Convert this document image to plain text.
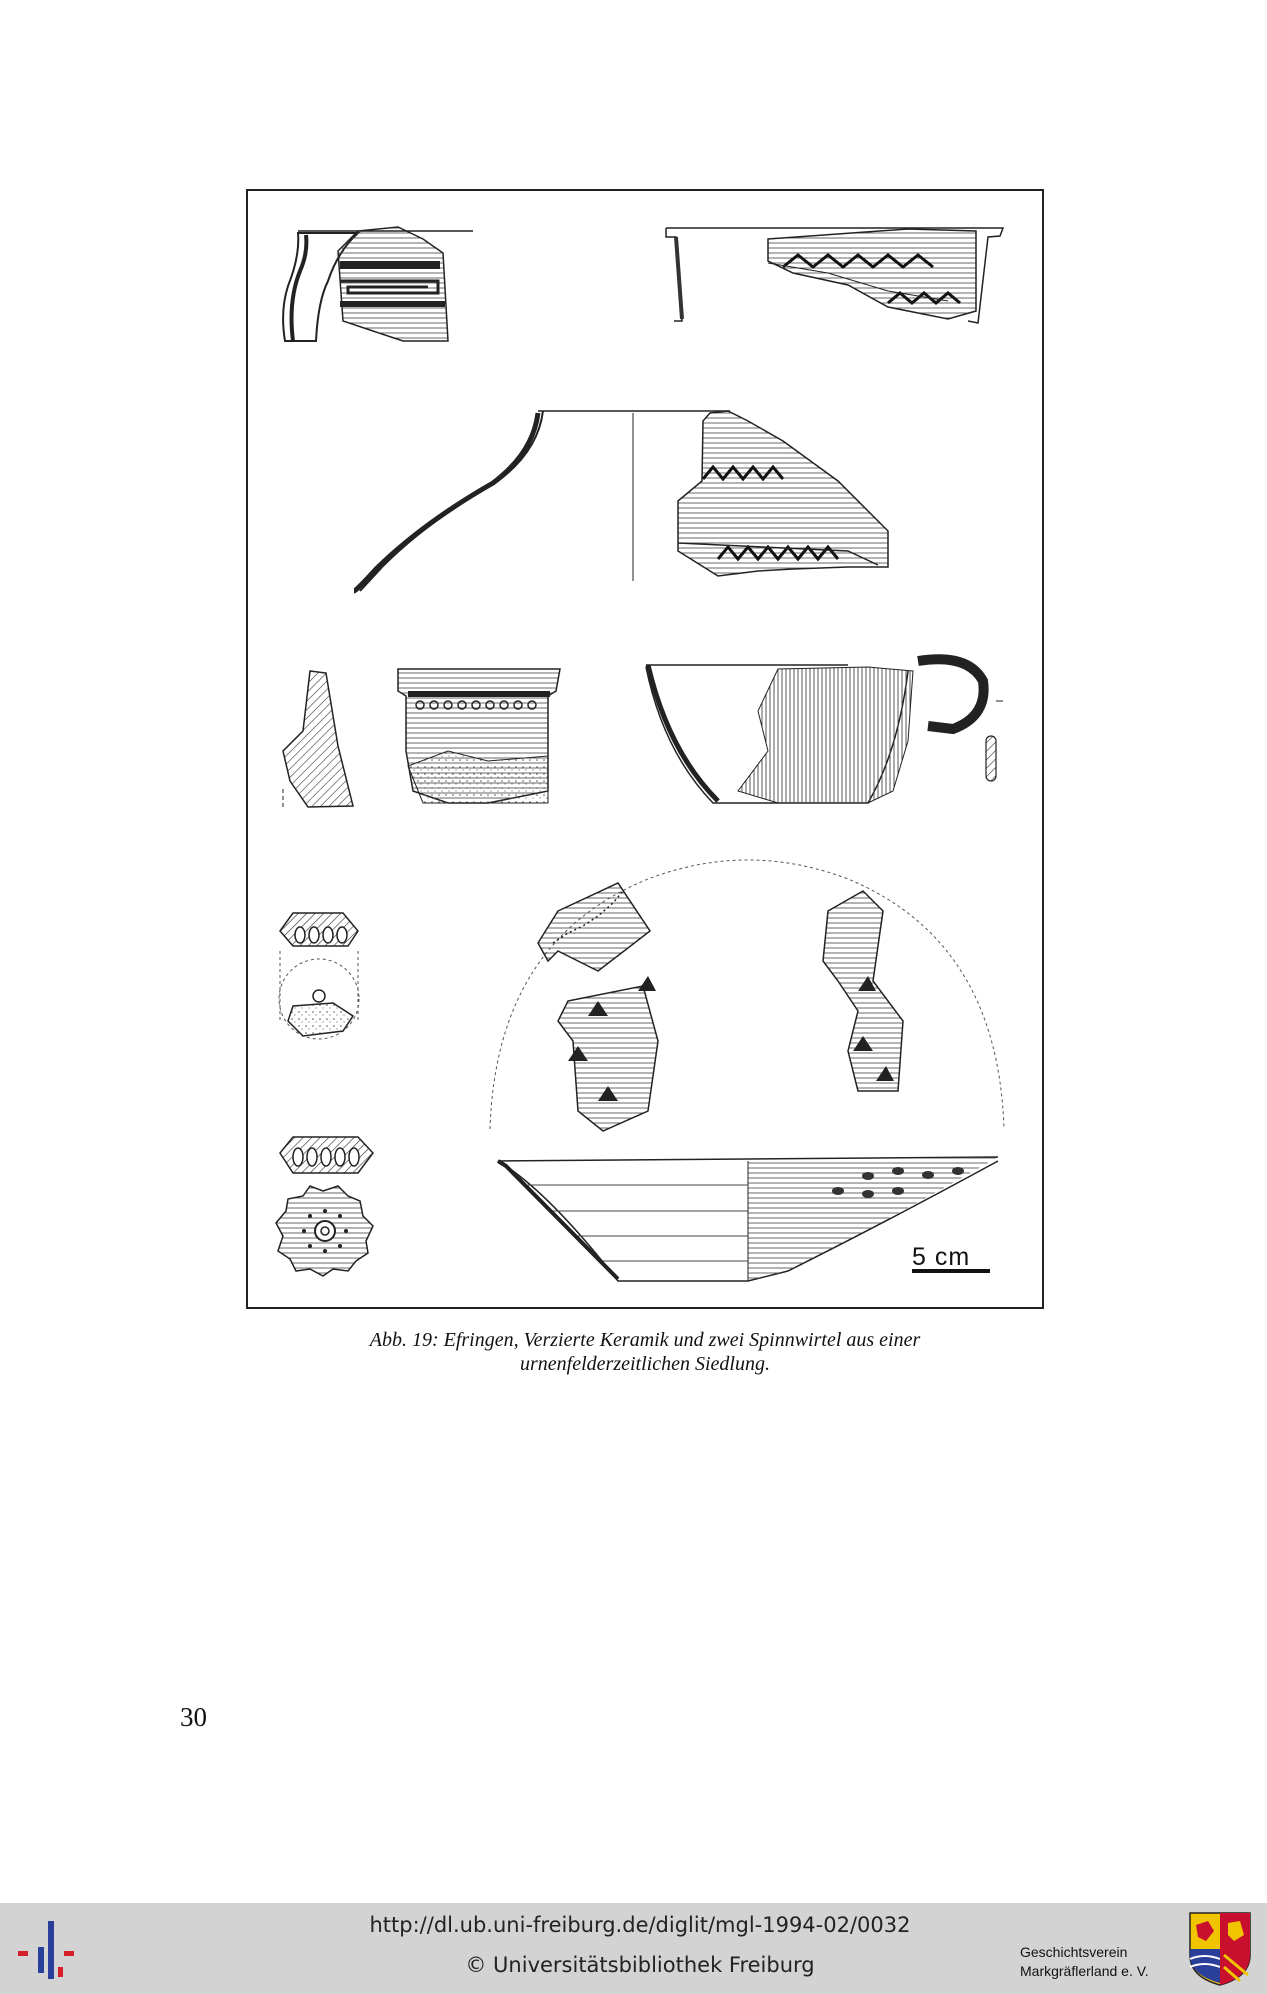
5 cm
Abb. 19: Efringen, Verzierte Keramik und zwei Spinnwirtel aus einer
urnenfelderzeitlichen Siedlung.
30
http://dl.ub.uni-freiburg.de/diglit/mgl-1994-02/0032
© Universitätsbibliothek Freiburg
Geschichtsverein
Markgräflerland e. V.
